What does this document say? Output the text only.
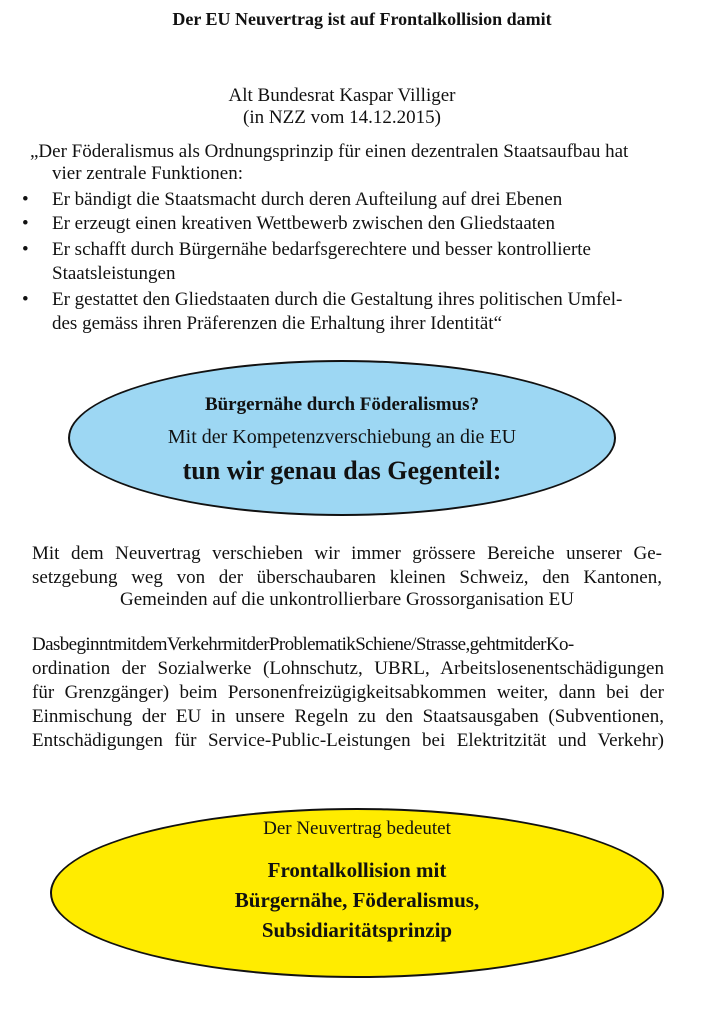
Der EU Neuvertrag ist auf Frontalkollision damit
Alt Bundesrat Kaspar Villiger
(in NZZ vom 14.12.2015)
„Der Föderalismus als Ordnungsprinzip für einen dezentralen Staatsaufbau hat
vier zentrale Funktionen:
• Er bändigt die Staatsmacht durch deren Aufteilung auf drei Ebenen
• Er erzeugt einen kreativen Wettbewerb zwischen den Gliedstaaten
• Er schafft durch Bürgernähe bedarfsgerechtere und besser kontrollierte
Staatsleistungen
• Er gestattet den Gliedstaaten durch die Gestaltung ihres politischen Umfel-
des gemäss ihren Präferenzen die Erhaltung ihrer Identität“
Bürgernähe durch Föderalismus?
Mit der Kompetenzverschiebung an die EU
tun wir genau das Gegenteil:
Mit dem Neuvertrag verschieben wir immer grössere Bereiche unserer Ge-
setzgebung weg von der überschaubaren kleinen Schweiz, den Kantonen,
Gemeinden auf die unkontrollierbare Grossorganisation EU
DasbeginntmitdemVerkehrmitderProblematikSchiene/Strasse,gehtmitderKo-
ordination der Sozialwerke (Lohnschutz, UBRL, Arbeitslosenentschädigungen
für Grenzgänger) beim Personenfreizügigkeitsabkommen weiter, dann bei der
Einmischung der EU in unsere Regeln zu den Staatsausgaben (Subventionen,
Entschädigungen für Service-Public-Leistungen bei Elektritzität und Verkehr)
Der Neuvertrag bedeutet
Frontalkollision mit
Bürgernähe, Föderalismus,
Subsidiaritätsprinzip
